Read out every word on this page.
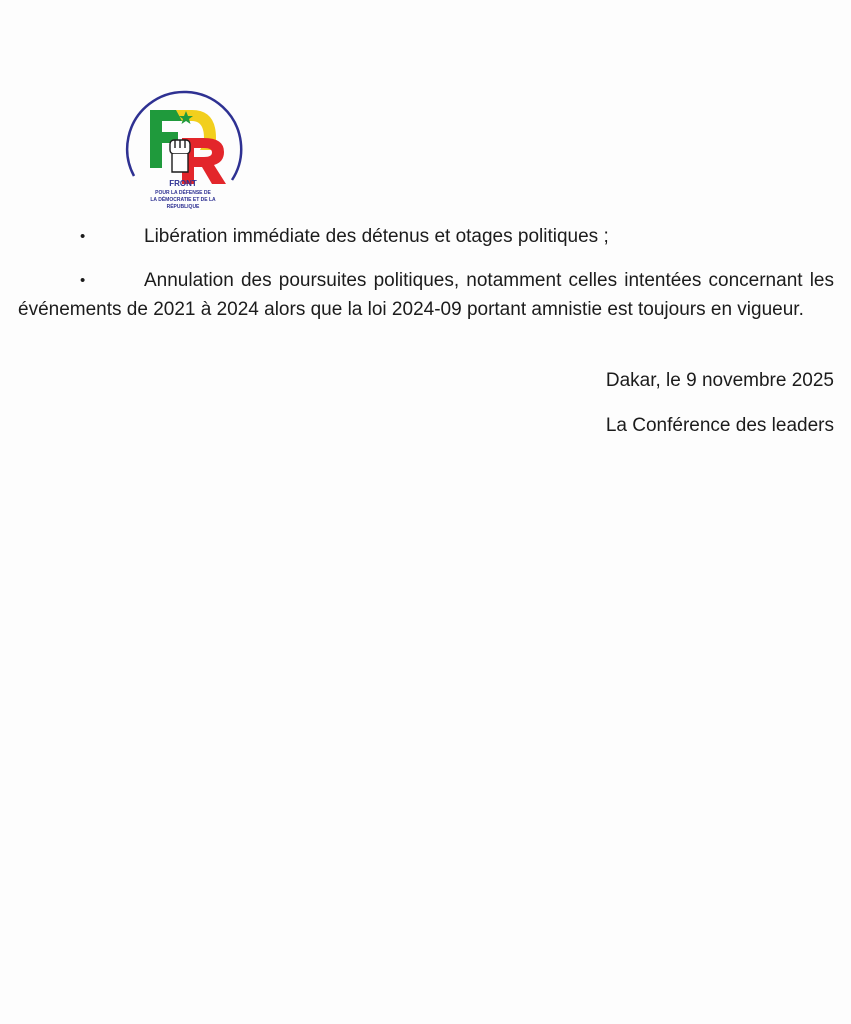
FRONT
POUR LA DÉFENSE DE
LA DÉMOCRATIE ET DE LA
RÉPUBLIQUE
•	Libération immédiate des détenus et otages politiques ;
•	Annulation des poursuites politiques, notamment celles intentées concernant les événements de 2021 à 2024 alors que la loi 2024-09 portant amnistie est toujours en vigueur.
Dakar, le 9 novembre 2025
La Conférence des leaders
